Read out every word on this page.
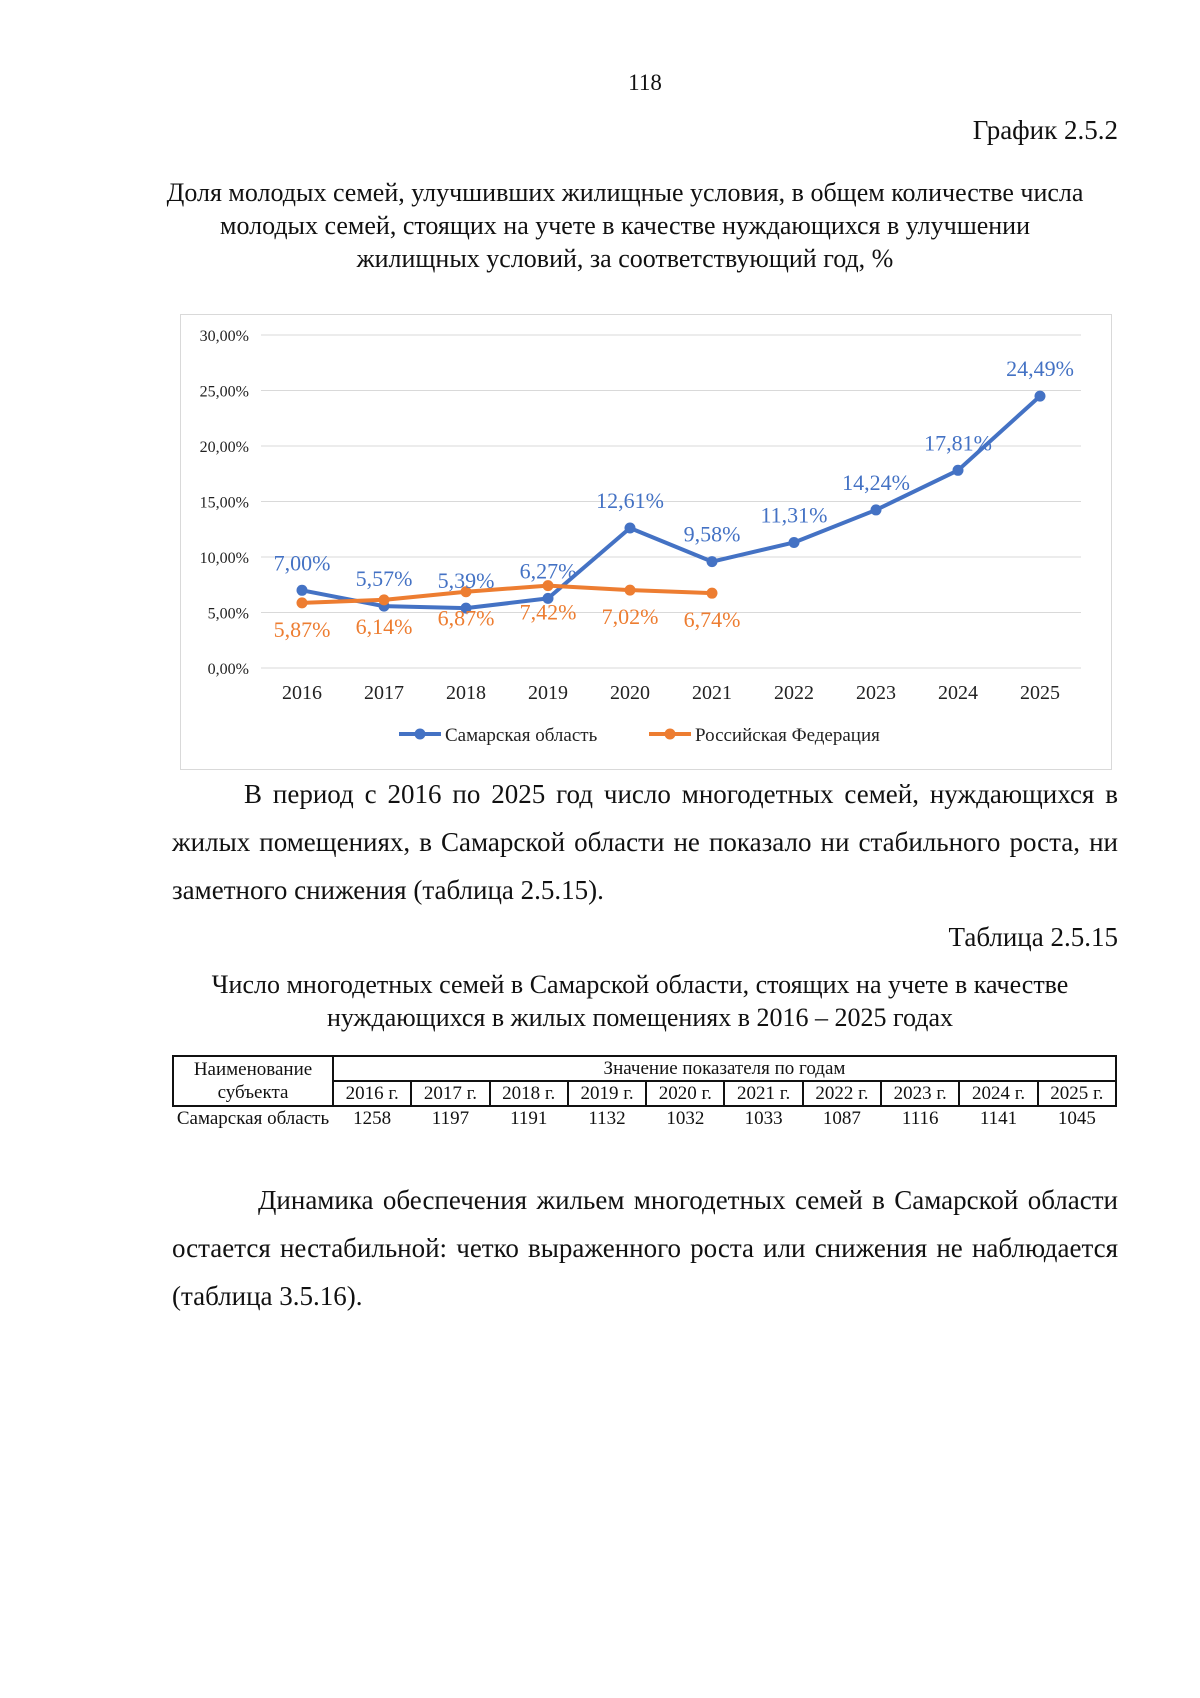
118
График 2.5.2
Доля молодых семей, улучшивших жилищные условия, в общем количестве числа молодых семей, стоящих на учете в качестве нуждающихся в улучшении жилищных условий, за соответствующий год, %
0,00%
5,00%
10,00%
15,00%
20,00%
25,00%
30,00%
2016 2017 2018 2019 2020 2021 2022 2023 2024 2025
7,00%
5,57% 5,39% 6,27%
12,61%
9,58%
11,31%
14,24%
17,81%
24,49%
5,87% 6,14% 6,87% 7,42% 7,02% 6,74%
Самарская область	Российская Федерация
В период с 2016 по 2025 год число многодетных семей, нуждающихся в жилых помещениях, в Самарской области не показало ни стабильного роста, ни заметного снижения (таблица 2.5.15).
Таблица 2.5.15
Число многодетных семей в Самарской области, стоящих на учете в качестве нуждающихся в жилых помещениях в 2016 – 2025 годах
Наименование субъекта	Значение показателя по годам									
	2016 г.	2017 г.	2018 г.	2019 г.	2020 г.	2021 г.	2022 г.	2023 г.	2024 г.	2025 г.
Самарская область	1258	1197	1191	1132	1032	1033	1087	1116	1141	1045
Динамика обеспечения жильем многодетных семей в Самарской области остается нестабильной: четко выраженного роста или снижения не наблюдается (таблица 3.5.16).
